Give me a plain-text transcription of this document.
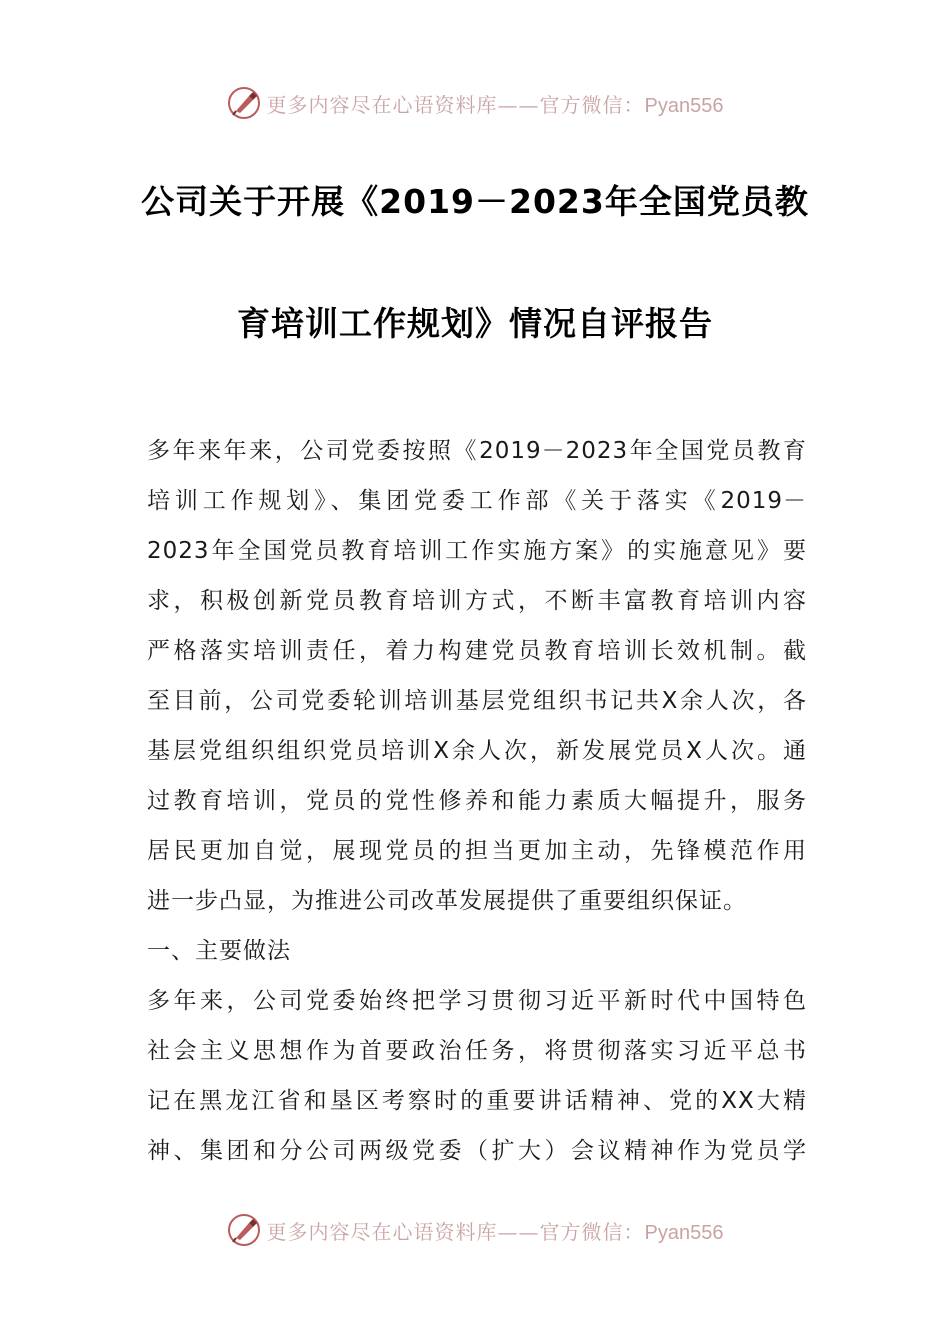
更多内容尽在心语资料库——官方微信：Pyan556
公司关于开展《2019－2023年全国党员教
育培训工作规划》情况自评报告
多年来年来，公司党委按照《2019－2023年全国党员教育
培训工作规划》、集团党委工作部《关于落实《2019－
2023年全国党员教育培训工作实施方案》的实施意见》要
求，积极创新党员教育培训方式，不断丰富教育培训内容
严格落实培训责任，着力构建党员教育培训长效机制。截
至目前，公司党委轮训培训基层党组织书记共X余人次，各
基层党组织组织党员培训X余人次，新发展党员X人次。通
过教育培训，党员的党性修养和能力素质大幅提升，服务
居民更加自觉，展现党员的担当更加主动，先锋模范作用
进一步凸显，为推进公司改革发展提供了重要组织保证。
一、主要做法
多年来，公司党委始终把学习贯彻习近平新时代中国特色
社会主义思想作为首要政治任务，将贯彻落实习近平总书
记在黑龙江省和垦区考察时的重要讲话精神、党的XX大精
神、集团和分公司两级党委（扩大）会议精神作为党员学
更多内容尽在心语资料库——官方微信：Pyan556
